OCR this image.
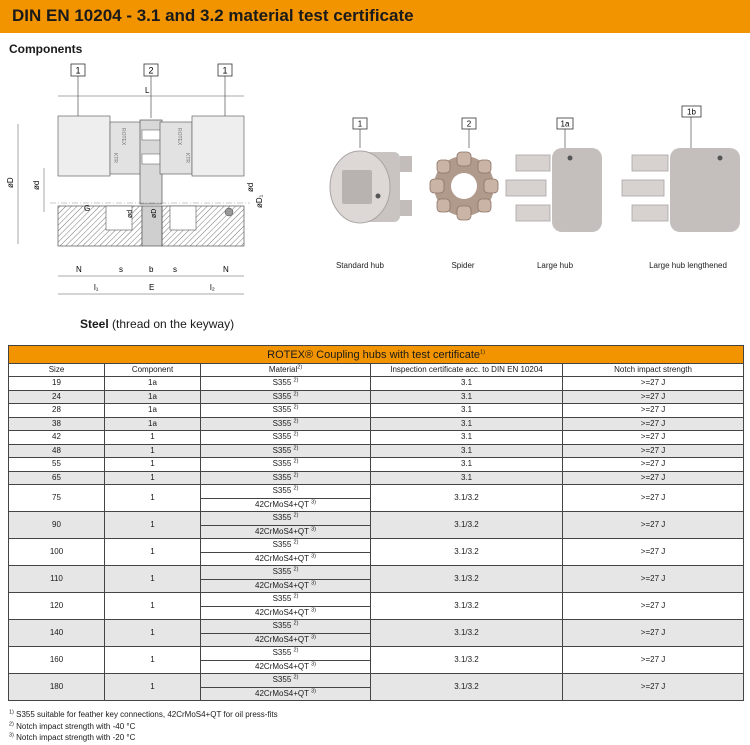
DIN EN 10204 - 3.1 and 3.2 material test certificate
Components
1	2	1
L
ROTEX
KTR
ROTEX
KTR
øD ød
G
ød øD
ød
øD₁
N	s	b s	N
l₁	E	l₂
1	2	1a
1b
Standard hub	Spider	Large hub	Large hub lengthened
Steel (thread on the keyway)
ROTEX® Coupling hubs with test certificate$^{1)}$
Size	Component	Material$^{2)}$	Inspection certificate acc. to DIN EN 10204	Notch impact strength
19	1a	S355 $^{2)}$	3.1	>=27 J
24	1a	S355 $^{2)}$	3.1	>=27 J
28	1a	S355 $^{2)}$	3.1	>=27 J
38	1a	S355 $^{2)}$	3.1	>=27 J
42	1	S355 $^{2)}$	3.1	>=27 J
48	1	S355 $^{2)}$	3.1	>=27 J
55	1	S355 $^{2)}$	3.1	>=27 J
65	1	S355 $^{2)}$	3.1	>=27 J
75	1	S355 $^{2)}$	3.1/3.2	>=27 J
		42CrMoS4+QT $^{3)}$
90	1	S355 $^{2)}$	3.1/3.2	>=27 J
		42CrMoS4+QT $^{3)}$
100	1	S355 $^{2)}$	3.1/3.2	>=27 J
		42CrMoS4+QT $^{3)}$
110	1	S355 $^{2)}$	3.1/3.2	>=27 J
		42CrMoS4+QT $^{3)}$
120	1	S355 $^{2)}$	3.1/3.2	>=27 J
		42CrMoS4+QT $^{3)}$
140	1	S355 $^{2)}$	3.1/3.2	>=27 J
		42CrMoS4+QT $^{3)}$
160	1	S355 $^{2)}$	3.1/3.2	>=27 J
		42CrMoS4+QT $^{3)}$
180	1	S355 $^{2)}$	3.1/3.2	>=27 J
		42CrMoS4+QT $^{3)}$
$^{1)}$ S355 suitable for feather key connections, 42CrMoS4+QT for oil press-fits
$^{2)}$ Notch impact strength with -40 °C
$^{3)}$ Notch impact strength with -20 °C
